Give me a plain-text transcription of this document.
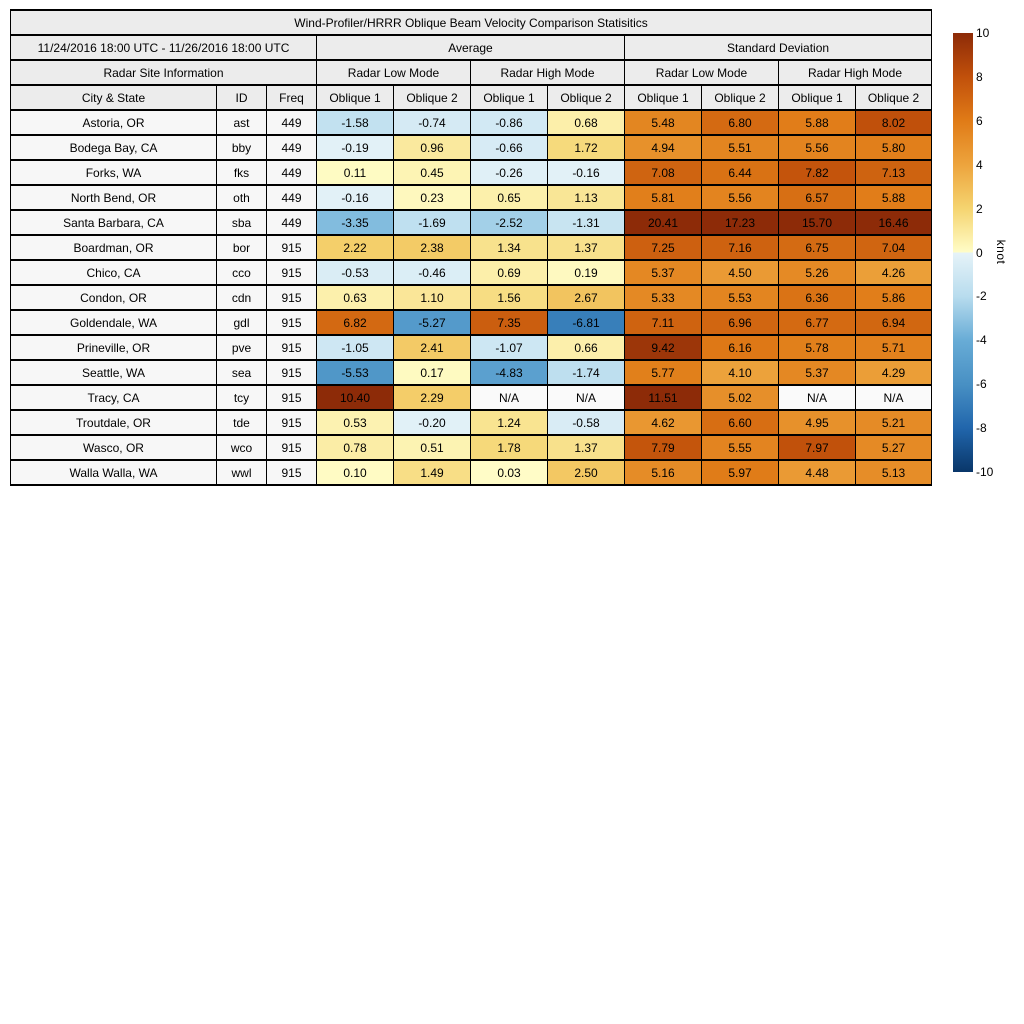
Wind-Profiler/HRRR Oblique Beam Velocity Comparison Statisitics										
11/24/2016 18:00 UTC - 11/26/2016 18:00 UTC			Average				Standard Deviation			
Radar Site Information			Radar Low Mode		Radar High Mode		Radar Low Mode		Radar High Mode	
City & State	ID	Freq	Oblique 1	Oblique 2	Oblique 1	Oblique 2	Oblique 1	Oblique 2	Oblique 1	Oblique 2
Astoria, OR	ast	449	-1.58	-0.74	-0.86	0.68	5.48	6.80	5.88	8.02
Bodega Bay, CA	bby	449	-0.19	0.96	-0.66	1.72	4.94	5.51	5.56	5.80
Forks, WA	fks	449	0.11	0.45	-0.26	-0.16	7.08	6.44	7.82	7.13
North Bend, OR	oth	449	-0.16	0.23	0.65	1.13	5.81	5.56	6.57	5.88
Santa Barbara, CA	sba	449	-3.35	-1.69	-2.52	-1.31	20.41	17.23	15.70	16.46
Boardman, OR	bor	915	2.22	2.38	1.34	1.37	7.25	7.16	6.75	7.04
Chico, CA	cco	915	-0.53	-0.46	0.69	0.19	5.37	4.50	5.26	4.26
Condon, OR	cdn	915	0.63	1.10	1.56	2.67	5.33	5.53	6.36	5.86
Goldendale, WA	gdl	915	6.82	-5.27	7.35	-6.81	7.11	6.96	6.77	6.94
Prineville, OR	pve	915	-1.05	2.41	-1.07	0.66	9.42	6.16	5.78	5.71
Seattle, WA	sea	915	-5.53	0.17	-4.83	-1.74	5.77	4.10	5.37	4.29
Tracy, CA	tcy	915	10.40	2.29	N/A	N/A	11.51	5.02	N/A	N/A
Troutdale, OR	tde	915	0.53	-0.20	1.24	-0.58	4.62	6.60	4.95	5.21
Wasco, OR	wco	915	0.78	0.51	1.78	1.37	7.79	5.55	7.97	5.27
Walla Walla, WA	wwl	915	0.10	1.49	0.03	2.50	5.16	5.97	4.48	5.13
knot
10
8
6
4
2
0
-2
-4
-6
-8
-10
